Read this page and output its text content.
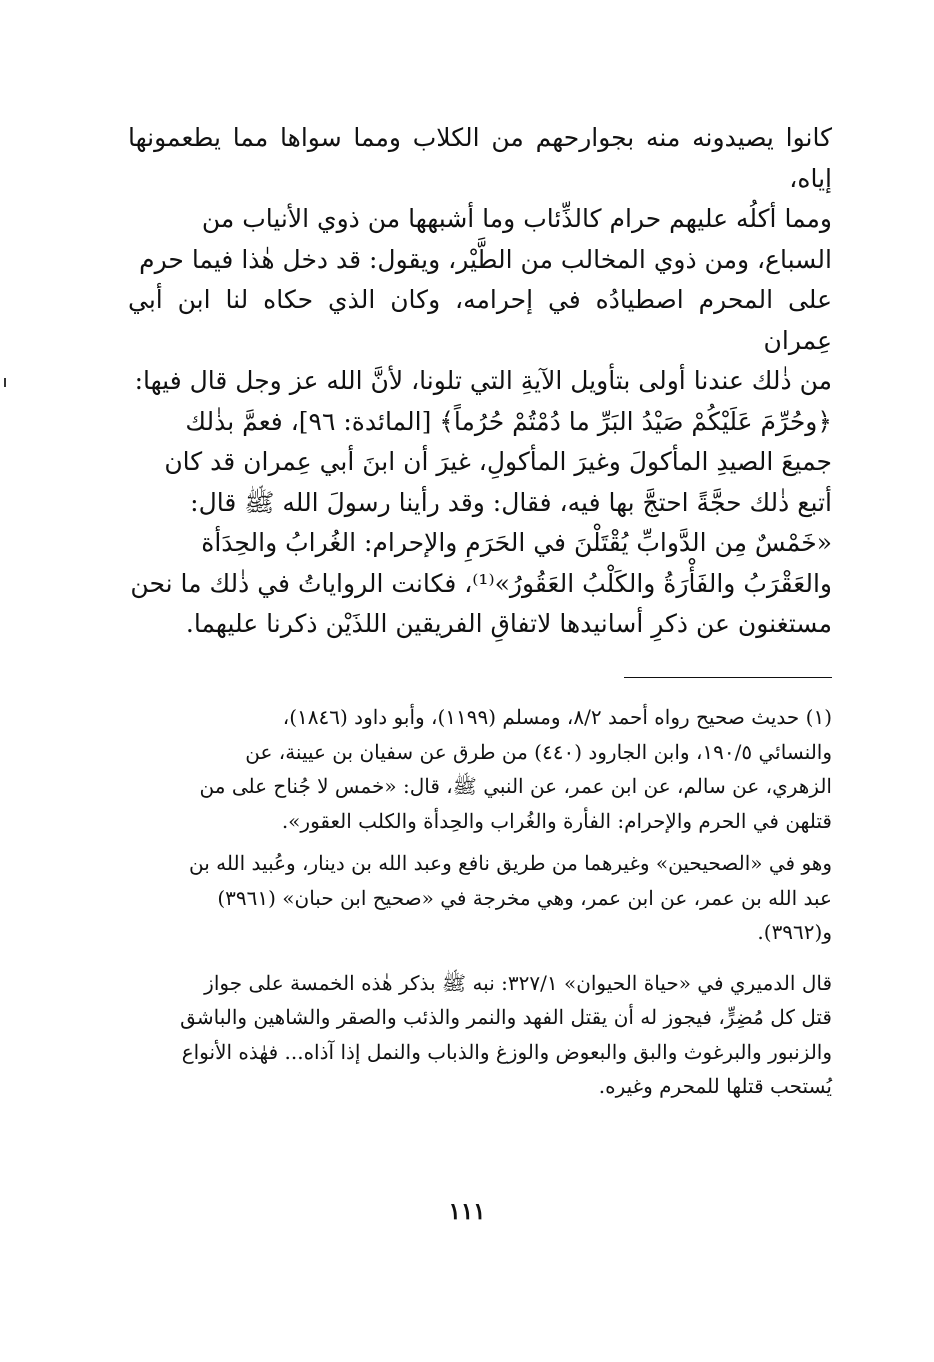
كانوا يصيدونه منه بجوارحهم من الكلاب ومما سواها مما يطعمونها إياه،

ومما أكلُه عليهم حرام كالذِّئاب وما أشبهها من ذوي الأنياب من

السباع، ومن ذوي المخالب من الطَّيْر، ويقول: قد دخل هٰذا فيما حرم

على المحرم اصطيادُه في إحرامه، وكان الذي حكاه لنا ابن أبي عِمران

من ذٰلك عندنا أولى بتأويل الآيةِ التي تلونا، لأنَّ الله عز وجل قال فيها:

﴿وحُرِّمَ عَلَيْكُمْ صَيْدُ البَرِّ ما دُمْتُمْ حُرُماً﴾ [المائدة: ٩٦]، فعمَّ بذٰلك

جميعَ الصيدِ المأكولَ وغيرَ المأكولِ، غيرَ أن ابنَ أبي عِمران قد كان

أتبع ذٰلك حجَّةً احتجَّ بها فيه، فقال: وقد رأينا رسولَ الله ﷺ قال:

«خَمْسٌ مِن الدَّوابِّ يُقْتَلْنَ في الحَرَمِ والإحرام: الغُرابُ والحِدَأة

والعَقْرَبُ والفَأْرَةُ والكَلْبُ العَقُورُ»⁽¹⁾، فكانت الرواياتُ في ذٰلك ما نحن

مستغنون عن ذكرِ أسانيدها لاتفاقِ الفريقين اللذَيْن ذكرنا عليهما.

(١) حديث صحيح رواه أحمد ٨/٢، ومسلم (١١٩٩)، وأبو داود (١٨٤٦)،

والنسائي ١٩٠/٥، وابن الجارود (٤٤٠) من طرق عن سفيان بن عيينة، عن

الزهري، عن سالم، عن ابن عمر، عن النبي ﷺ، قال: «خمس لا جُناح على من

قتلهن في الحرم والإحرام: الفأرة والغُراب والحِدأة والكلب العقور».

وهو في «الصحيحين» وغيرهما من طريق نافع وعبد الله بن دينار، وعُبيد الله بن

عبد الله بن عمر، عن ابن عمر، وهي مخرجة في «صحيح ابن حبان» (٣٩٦١)

و(٣٩٦٢).

قال الدميري في «حياة الحيوان» ٣٢٧/١: نبه ﷺ بذكر هٰذه الخمسة على جواز

قتل كل مُضِرٍّ، فيجوز له أن يقتل الفهد والنمر والذئب والصقر والشاهين والباشق

والزنبور والبرغوث والبق والبعوض والوزغ والذباب والنمل إذا آذاه... فهٰذه الأنواع

يُستحب قتلها للمحرم وغيره.

١١١
